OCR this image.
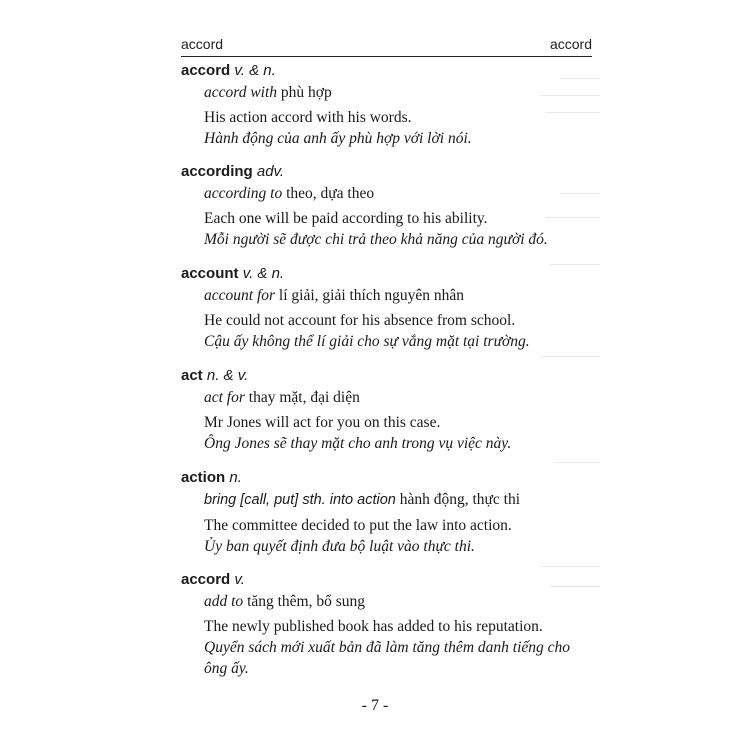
accord	accord
accord v. & n.
accord with phù hợp
His action accord with his words.
Hành động của anh ấy phù hợp với lời nói.
according adv.
according to theo, dựa theo
Each one will be paid according to his ability.
Mỗi người sẽ được chi trả theo khả năng của người đó.
account v. & n.
account for lí giải, giải thích nguyên nhân
He could not account for his absence from school.
Cậu ấy không thể lí giải cho sự vắng mặt tại trường.
act n. & v.
act for thay mặt, đại diện
Mr Jones will act for you on this case.
Ông Jones sẽ thay mặt cho anh trong vụ việc này.
action n.
bring [call, put] sth. into action hành động, thực thi
The committee decided to put the law into action.
Ủy ban quyết định đưa bộ luật vào thực thi.
accord v.
add to tăng thêm, bổ sung
The newly published book has added to his reputation.
Quyển sách mới xuất bản đã làm tăng thêm danh tiếng cho ông ấy.
- 7 -
